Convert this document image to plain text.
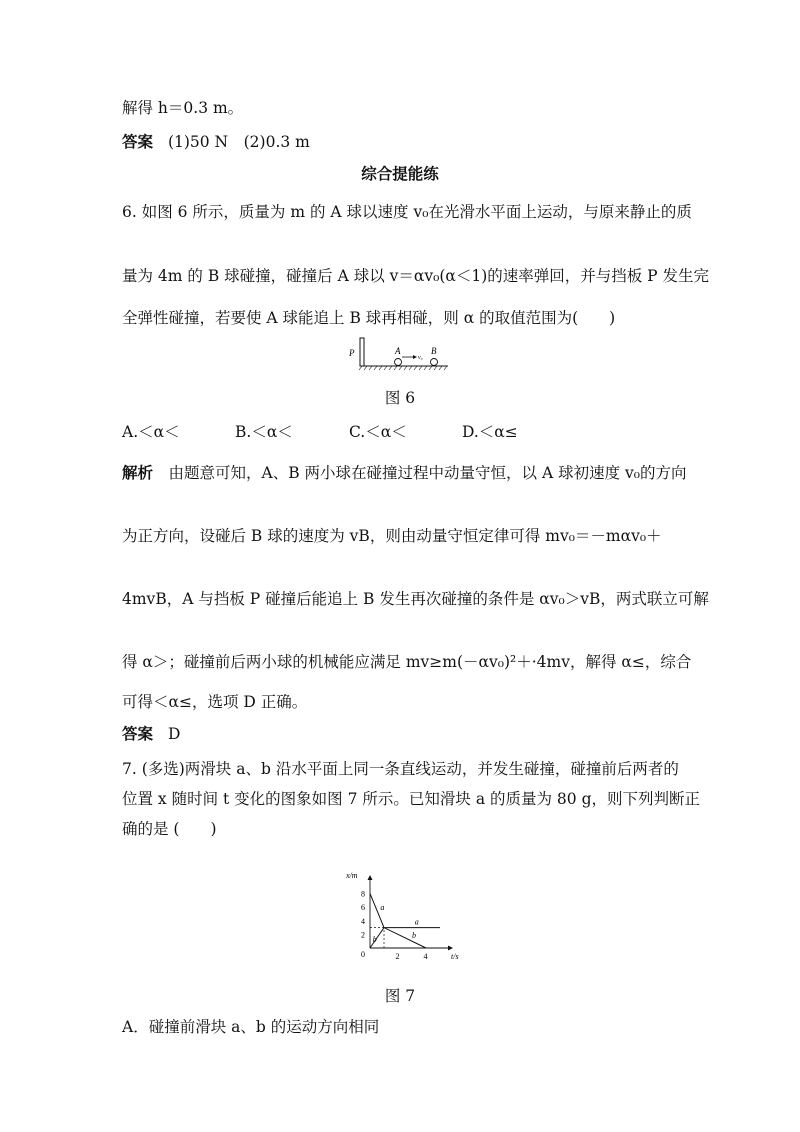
解得 h＝0.3 m。
答案 (1)50 N　(2)0.3 m
综合提能练
6. 如图 6 所示，质量为 m 的 A 球以速度 v₀在光滑水平面上运动，与原来静止的质
量为 4m 的 B 球碰撞，碰撞后 A 球以 v＝αv₀(α＜1)的速率弹回，并与挡板 P 发生完
全弹性碰撞，若要使 A 球能追上 B 球再相碰，则 α 的取值范围为(　　)
P	A
v₀
B
图 6
A.＜α＜	B.＜α＜	C.＜α＜	D.＜α≤
解析　由题意可知，A、B 两小球在碰撞过程中动量守恒，以 A 球初速度 v₀的方向
为正方向，设碰后 B 球的速度为 vB，则由动量守恒定律可得 mv₀＝－mαv₀＋
4mvB，A 与挡板 P 碰撞后能追上 B 发生再次碰撞的条件是 αv₀＞vB，两式联立可解
得 α＞；碰撞前后两小球的机械能应满足 mv≥m(－αv₀)²＋·4mv，解得 α≤，综合
可得＜α≤，选项 D 正确。
答案 D
7. (多选)两滑块 a、b 沿水平面上同一条直线运动，并发生碰撞，碰撞前后两者的
位置 x 随时间 t 变化的图象如图 7 所示。已知滑块 a 的质量为 80 g，则下列判断正
确的是 (　　)
x/m
t/s
0
2
4
6
8
2	4
a
a
b	b
图 7
A．碰撞前滑块 a、b 的运动方向相同
